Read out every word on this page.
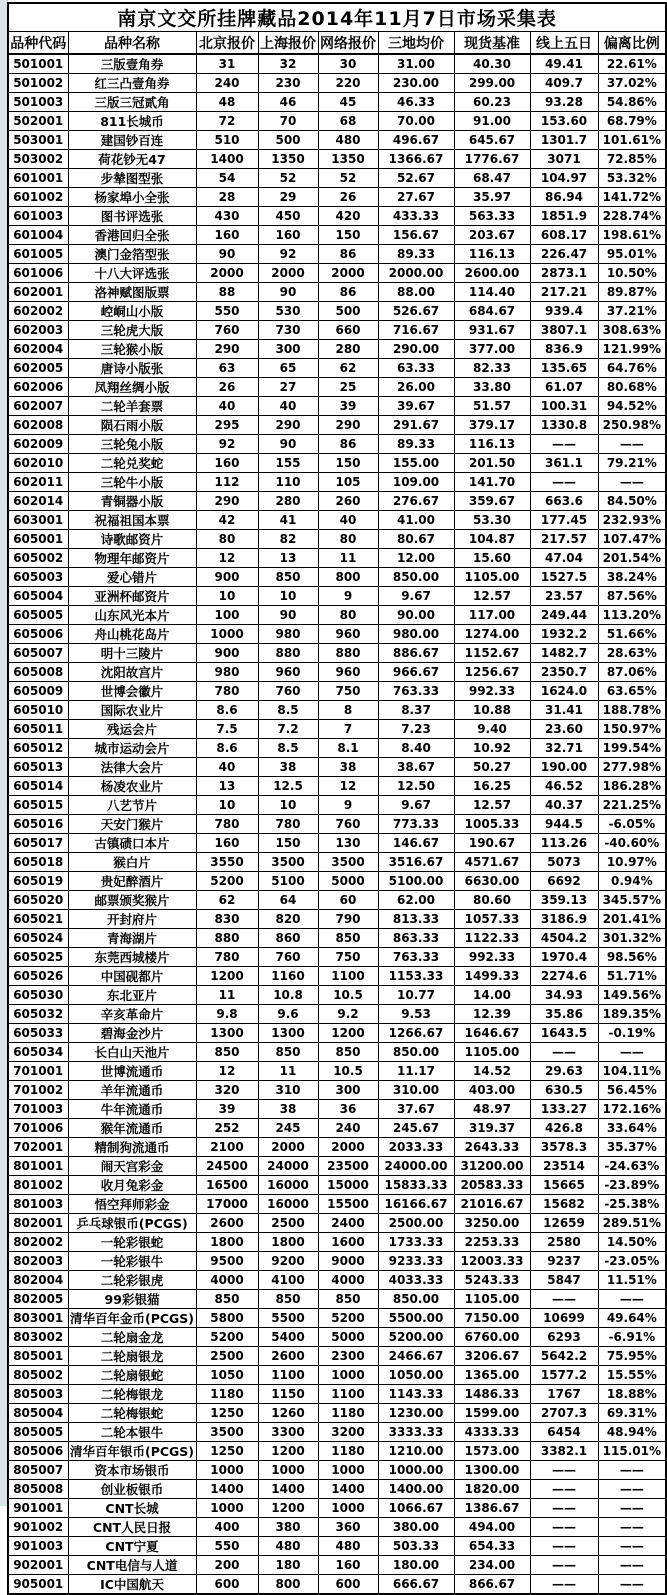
南京文交所挂牌藏品2014年11月7日市场采集表								
品种代码	品种名称	北京报价	上海报价	网络报价	三地均价	现货基准	线上五日	偏离比例
501001	三版壹角券	31	32	30	31.00	40.30	49.41	22.61%
501002	红三凸壹角券	240	230	220	230.00	299.00	409.7	37.02%
501003	三版三冠贰角	48	46	45	46.33	60.23	93.28	54.86%
502001	811长城币	72	70	68	70.00	91.00	153.60	68.79%
503001	建国钞百连	510	500	480	496.67	645.67	1301.7	101.61%
503002	荷花钞无47	1400	1350	1350	1366.67	1776.67	3071	72.85%
601001	步辇图型张	54	52	52	52.67	68.47	104.97	53.32%
601002	杨家埠小全张	28	29	26	27.67	35.97	86.94	141.72%
601003	图书评选张	430	450	420	433.33	563.33	1851.9	228.74%
601004	香港回归全张	160	160	150	156.67	203.67	608.17	198.61%
601005	澳门金箔型张	90	92	86	89.33	116.13	226.47	95.01%
601006	十八大评选张	2000	2000	2000	2000.00	2600.00	2873.1	10.50%
602001	洛神赋图版票	88	90	86	88.00	114.40	217.21	89.87%
602002	崆峒山小版	550	530	500	526.67	684.67	939.4	37.21%
602003	三轮虎大版	760	730	660	716.67	931.67	3807.1	308.63%
602004	三轮猴小版	290	300	280	290.00	377.00	836.9	121.99%
602005	唐诗小版张	63	65	62	63.33	82.33	135.65	64.76%
602006	凤翔丝绸小版	26	27	25	26.00	33.80	61.07	80.68%
602007	二轮羊套票	40	40	39	39.67	51.57	100.31	94.52%
602008	陨石雨小版	295	290	290	291.67	379.17	1330.8	250.98%
602009	三轮兔小版	92	90	86	89.33	116.13	——	——
602010	二轮兑奖蛇	160	155	150	155.00	201.50	361.1	79.21%
602011	三轮牛小版	112	110	105	109.00	141.70	——	——
602014	青铜器小版	290	280	260	276.67	359.67	663.6	84.50%
603001	祝福祖国本票	42	41	40	41.00	53.30	177.45	232.93%
605001	诗歌邮资片	80	82	80	80.67	104.87	217.57	107.47%
605002	物理年邮资片	12	13	11	12.00	15.60	47.04	201.54%
605003	爱心错片	900	850	800	850.00	1105.00	1527.5	38.24%
605004	亚洲杯邮资片	10	10	9	9.67	12.57	23.57	87.56%
605005	山东风光本片	100	90	80	90.00	117.00	249.44	113.20%
605006	舟山桃花岛片	1000	980	960	980.00	1274.00	1932.2	51.66%
605007	明十三陵片	900	880	880	886.67	1152.67	1482.7	28.63%
605008	沈阳故宫片	980	960	960	966.67	1256.67	2350.7	87.06%
605009	世博会徽片	780	760	750	763.33	992.33	1624.0	63.65%
605010	国际农业片	8.6	8.5	8	8.37	10.88	31.41	188.78%
605011	残运会片	7.5	7.2	7	7.23	9.40	23.60	150.97%
605012	城市运动会片	8.6	8.5	8.1	8.40	10.92	32.71	199.54%
605013	法律大会片	40	38	38	38.67	50.27	190.00	277.98%
605014	杨凌农业片	13	12.5	12	12.50	16.25	46.52	186.28%
605015	八艺节片	10	10	9	9.67	12.57	40.37	221.25%
605016	天安门猴片	780	780	760	773.33	1005.33	944.5	-6.05%
605017	古镇碛口本片	160	150	130	146.67	190.67	113.26	-40.60%
605018	猴白片	3550	3500	3500	3516.67	4571.67	5073	10.97%
605019	贵妃醉酒片	5200	5100	5000	5100.00	6630.00	6692	0.94%
605020	邮票颁奖猴片	62	64	60	62.00	80.60	359.13	345.57%
605021	开封府片	830	820	790	813.33	1057.33	3186.9	201.41%
605024	青海湖片	880	860	850	863.33	1122.33	4504.2	301.32%
605025	东莞西城楼片	780	760	750	763.33	992.33	1970.4	98.56%
605026	中国砚都片	1200	1160	1100	1153.33	1499.33	2274.6	51.71%
605030	东北亚片	11	10.8	10.5	10.77	14.00	34.93	149.56%
605032	辛亥革命片	9.8	9.6	9.2	9.53	12.39	35.86	189.35%
605033	碧海金沙片	1300	1300	1200	1266.67	1646.67	1643.5	-0.19%
605034	长白山天池片	850	850	850	850.00	1105.00	——	——
701001	世博流通币	12	11	10.5	11.17	14.52	29.63	104.11%
701002	羊年流通币	320	310	300	310.00	403.00	630.5	56.45%
701003	牛年流通币	39	38	36	37.67	48.97	133.27	172.16%
701006	猴年流通币	252	245	240	245.67	319.37	426.8	33.64%
702001	精制狗流通币	2100	2000	2000	2033.33	2643.33	3578.3	35.37%
801001	闹天宫彩金	24500	24000	23500	24000.00	31200.00	23514	-24.63%
801002	收月兔彩金	16500	16000	15000	15833.33	20583.33	15665	-23.89%
801003	悟空拜师彩金	17000	16000	15500	16166.67	21016.67	15682	-25.38%
802001	乒乓球银币(PCGS)	2600	2500	2400	2500.00	3250.00	12659	289.51%
802002	一轮彩银蛇	1800	1800	1600	1733.33	2253.33	2580	14.50%
802003	一轮彩银牛	9500	9200	9000	9233.33	12003.33	9237	-23.05%
802004	二轮彩银虎	4000	4100	4000	4033.33	5243.33	5847	11.51%
802005	99彩银猫	850	850	850	850.00	1105.00	——	——
803001	清华百年金币(PCGS)	5800	5500	5200	5500.00	7150.00	10699	49.64%
803002	二轮扇金龙	5200	5400	5000	5200.00	6760.00	6293	-6.91%
805001	二轮扇银龙	2500	2600	2300	2466.67	3206.67	5642.2	75.95%
805002	二轮扇银蛇	1050	1100	1000	1050.00	1365.00	1577.2	15.55%
805003	二轮梅银龙	1180	1150	1100	1143.33	1486.33	1767	18.88%
805004	二轮梅银蛇	1250	1260	1180	1230.00	1599.00	2707.3	69.31%
805005	二轮本银牛	3500	3300	3200	3333.33	4333.33	6454	48.94%
805006	清华百年银币(PCGS)	1250	1200	1180	1210.00	1573.00	3382.1	115.01%
805007	资本市场银币	1000	1000	1000	1000.00	1300.00	——	——
805008	创业板银币	1400	1400	1400	1400.00	1820.00	——	——
901001	CNT长城	1000	1200	1000	1066.67	1386.67	——	——
901002	CNT人民日报	400	380	360	380.00	494.00	——	——
901003	CNT宁夏	550	480	480	503.33	654.33	——	——
902001	CNT电信与人道	200	180	160	180.00	234.00	——	——
905001	IC中国航天	600	800	600	666.67	866.67	——	——
